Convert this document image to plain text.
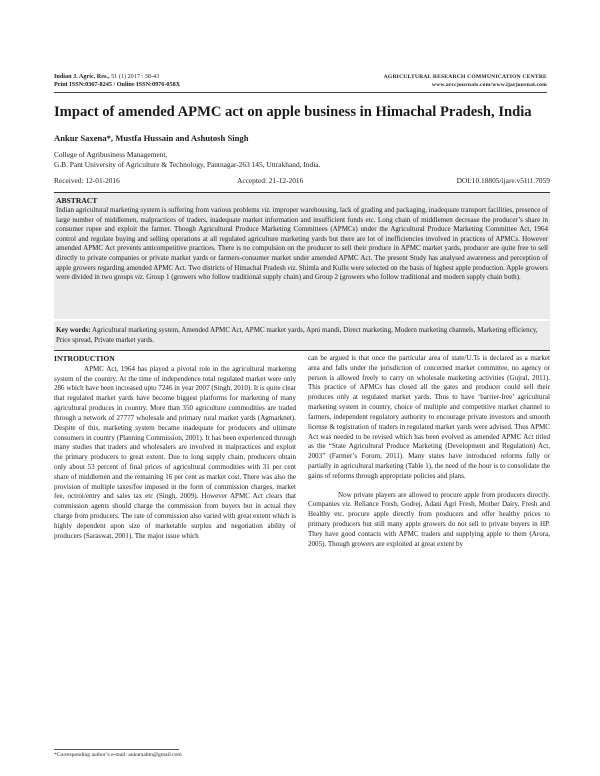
Indian J. Agric. Res., 51 (1) 2017 : 38-43
Print ISSN:0367-8245 / Online ISSN:0976-058X
AGRICULTURAL RESEARCH COMMUNICATION CENTRE
www.arccjournals.com/www.ijarjournal.com
Impact of amended APMC act on apple business in Himachal Pradesh, India
Ankur Saxena*, Mustfa Hussain and Ashutosh Singh
College of Agribusiness Management,
G.B. Pant University of Agriculture & Technology, Pantnagar-263 145, Uttrakhand, India.
Received: 12-01-2016	Accepted: 21-12-2016	DOI:10.18805/ijare.v51i1.7059
ABSTRACT
Indian agricultural marketing system is suffering from various problems viz. improper warehousing, lack of grading and packaging, inadequate transport facilities, presence of large number of middlemen, malpractices of traders, inadequate market information and insufficient funds etc. Long chain of middlemen decrease the producer’s share in consumer rupee and exploit the farmer. Though Agricultural Produce Marketing Committees (APMCs) under the Agricultural Produce Marketing Committee Act, 1964 control and regulate buying and selling operations at all regulated agriculture marketing yards but there are lot of inefficiencies involved in practices of APMCs. However amended APMC Act prevents anticompetitive practices. There is no compulsion on the producer to sell their produce in APMC market yards, producer are quite free to sell directly to private companies or private market yards or farmers-consumer market under amended APMC Act. The present Study has analysed awareness and perception of apple growers regarding amended APMC Act. Two districts of Himachal Pradesh viz. Shimla and Kullu were selected on the basis of highest apple production. Apple growers were divided in two groups viz. Group 1 (growers who follow traditional supply chain) and Group 2 (growers who follow traditional and modern supply chain both).
Key words: Agricultural marketing system, Amended APMC Act, APMC market yards, Apni mandi, Direct marketing, Modern marketing channels, Marketing efficiency, Price spread, Private market yards.
INTRODUCTION

APMC Act, 1964 has played a pivotal role in the agricultural marketing system of the country. At the time of independence total regulated market were only 286 which have been increased upto 7246 in year 2007 (Singh, 2010). It is quite clear that regulated market yards have become biggest platforms for marketing of many agricultural produces in country. More than 350 agriculture commodities are traded through a network of 27777 wholesale and primary rural market yards (Agmarknet). Despite of this, marketing system became inadequate for producers and ultimate consumers in country (Planning Commission, 2001). It has been experienced through many studies that traders and wholesalers are involved in malpractices and exploit the primary producers to great extent. Due to long supply chain, producers obtain only about 53 percent of final prices of agricultural commodities with 31 per cent share of middlemen and the remaining 16 per cent as market cost. There was also the provision of multiple taxes/fee imposed in the form of commission charges, market fee, octroi/entry and sales tax etc (Singh, 2009). However APMC Act clears that commission agents should charge the commission from buyers but in actual they charge from producers. The rate of commission also varied with great extent which is highly dependent upon size of marketable surplus and negotiation ability of producers (Saraswat, 2001). The major issue which

can be argued is that once the particular area of state/U.Ts is declared as a market area and falls under the jurisdiction of concerned market committee, no agency or person is allowed freely to carry on wholesale marketing activities (Gujral, 2011). This practice of APMCs has closed all the gates and producer could sell their produces only at regulated market yards. Thus to have ‘barrier-free’ agricultural marketing system in country, choice of multiple and competitive market channel to farmers, independent regulatory authority to encourage private investors and smooth license & registration of traders in regulated market yards were advised. Thus APMC Act was needed to be revised which has been evolved as amended APMC Act titled as the “State Agricultural Produce Marketing (Development and Regulation) Act, 2003” (Farmer’s Forum, 2011). Many states have introduced reforms fully or partially in agricultural marketing (Table 1), the need of the hour is to consolidate the gains of reforms through appropriate policies and plans.

Now private players are allowed to procure apple from producers directly. Companies viz. Reliance Fresh, Godrej, Adani Agri Fresh, Mother Dairy, Fresh and Healthy etc. procure apple directly from producers and offer healthy prices to primary producers but still many apple growers do not sell to private buyers in HP. They have good contacts with APMC traders and supplying apple to them (Arora, 2005). Though growers are exploited at great extent by

*Corresponding author’s e-mail: ankursabm@gmail.com
